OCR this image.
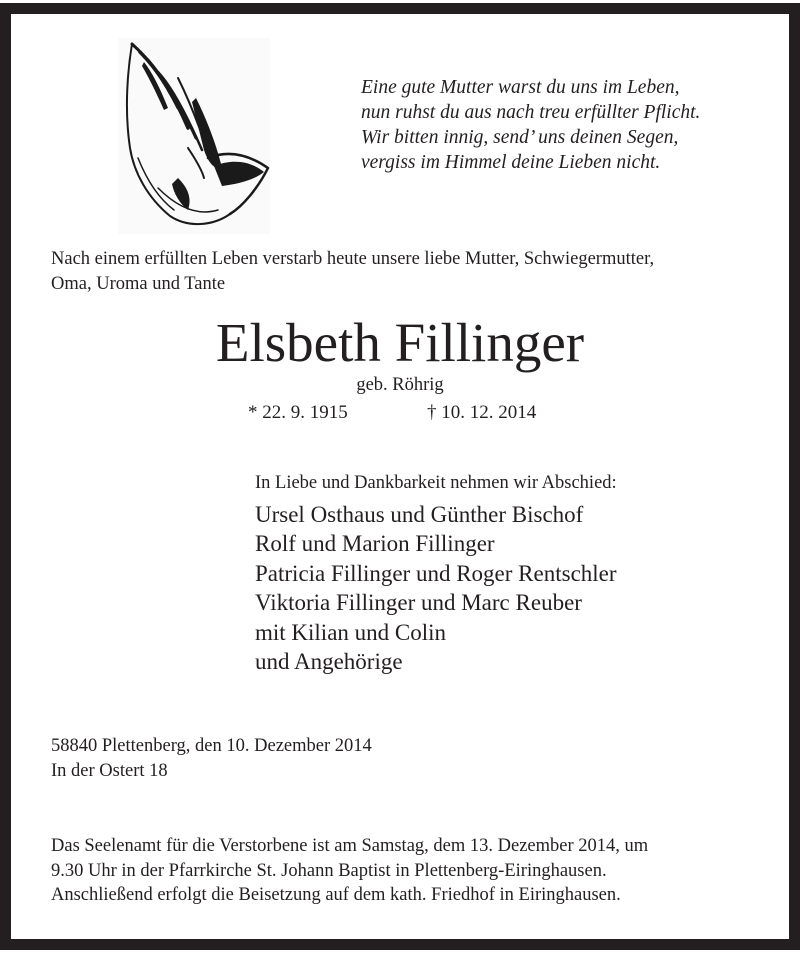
Eine gute Mutter warst du uns im Leben,
nun ruhst du aus nach treu erfüllter Pflicht.
Wir bitten innig, send’ uns deinen Segen,
vergiss im Himmel deine Lieben nicht.
Nach einem erfüllten Leben verstarb heute unsere liebe Mutter, Schwiegermutter,
Oma, Uroma und Tante
Elsbeth Fillinger
geb. Röhrig
* 22. 9. 1915	† 10. 12. 2014
In Liebe und Dankbarkeit nehmen wir Abschied:
Ursel Osthaus und Günther Bischof
Rolf und Marion Fillinger
Patricia Fillinger und Roger Rentschler
Viktoria Fillinger und Marc Reuber
mit Kilian und Colin
und Angehörige
58840 Plettenberg, den 10. Dezember 2014
In der Ostert 18
Das Seelenamt für die Verstorbene ist am Samstag, dem 13. Dezember 2014, um
9.30 Uhr in der Pfarrkirche St. Johann Baptist in Plettenberg-Eiringhausen.
Anschließend erfolgt die Beisetzung auf dem kath. Friedhof in Eiringhausen.
